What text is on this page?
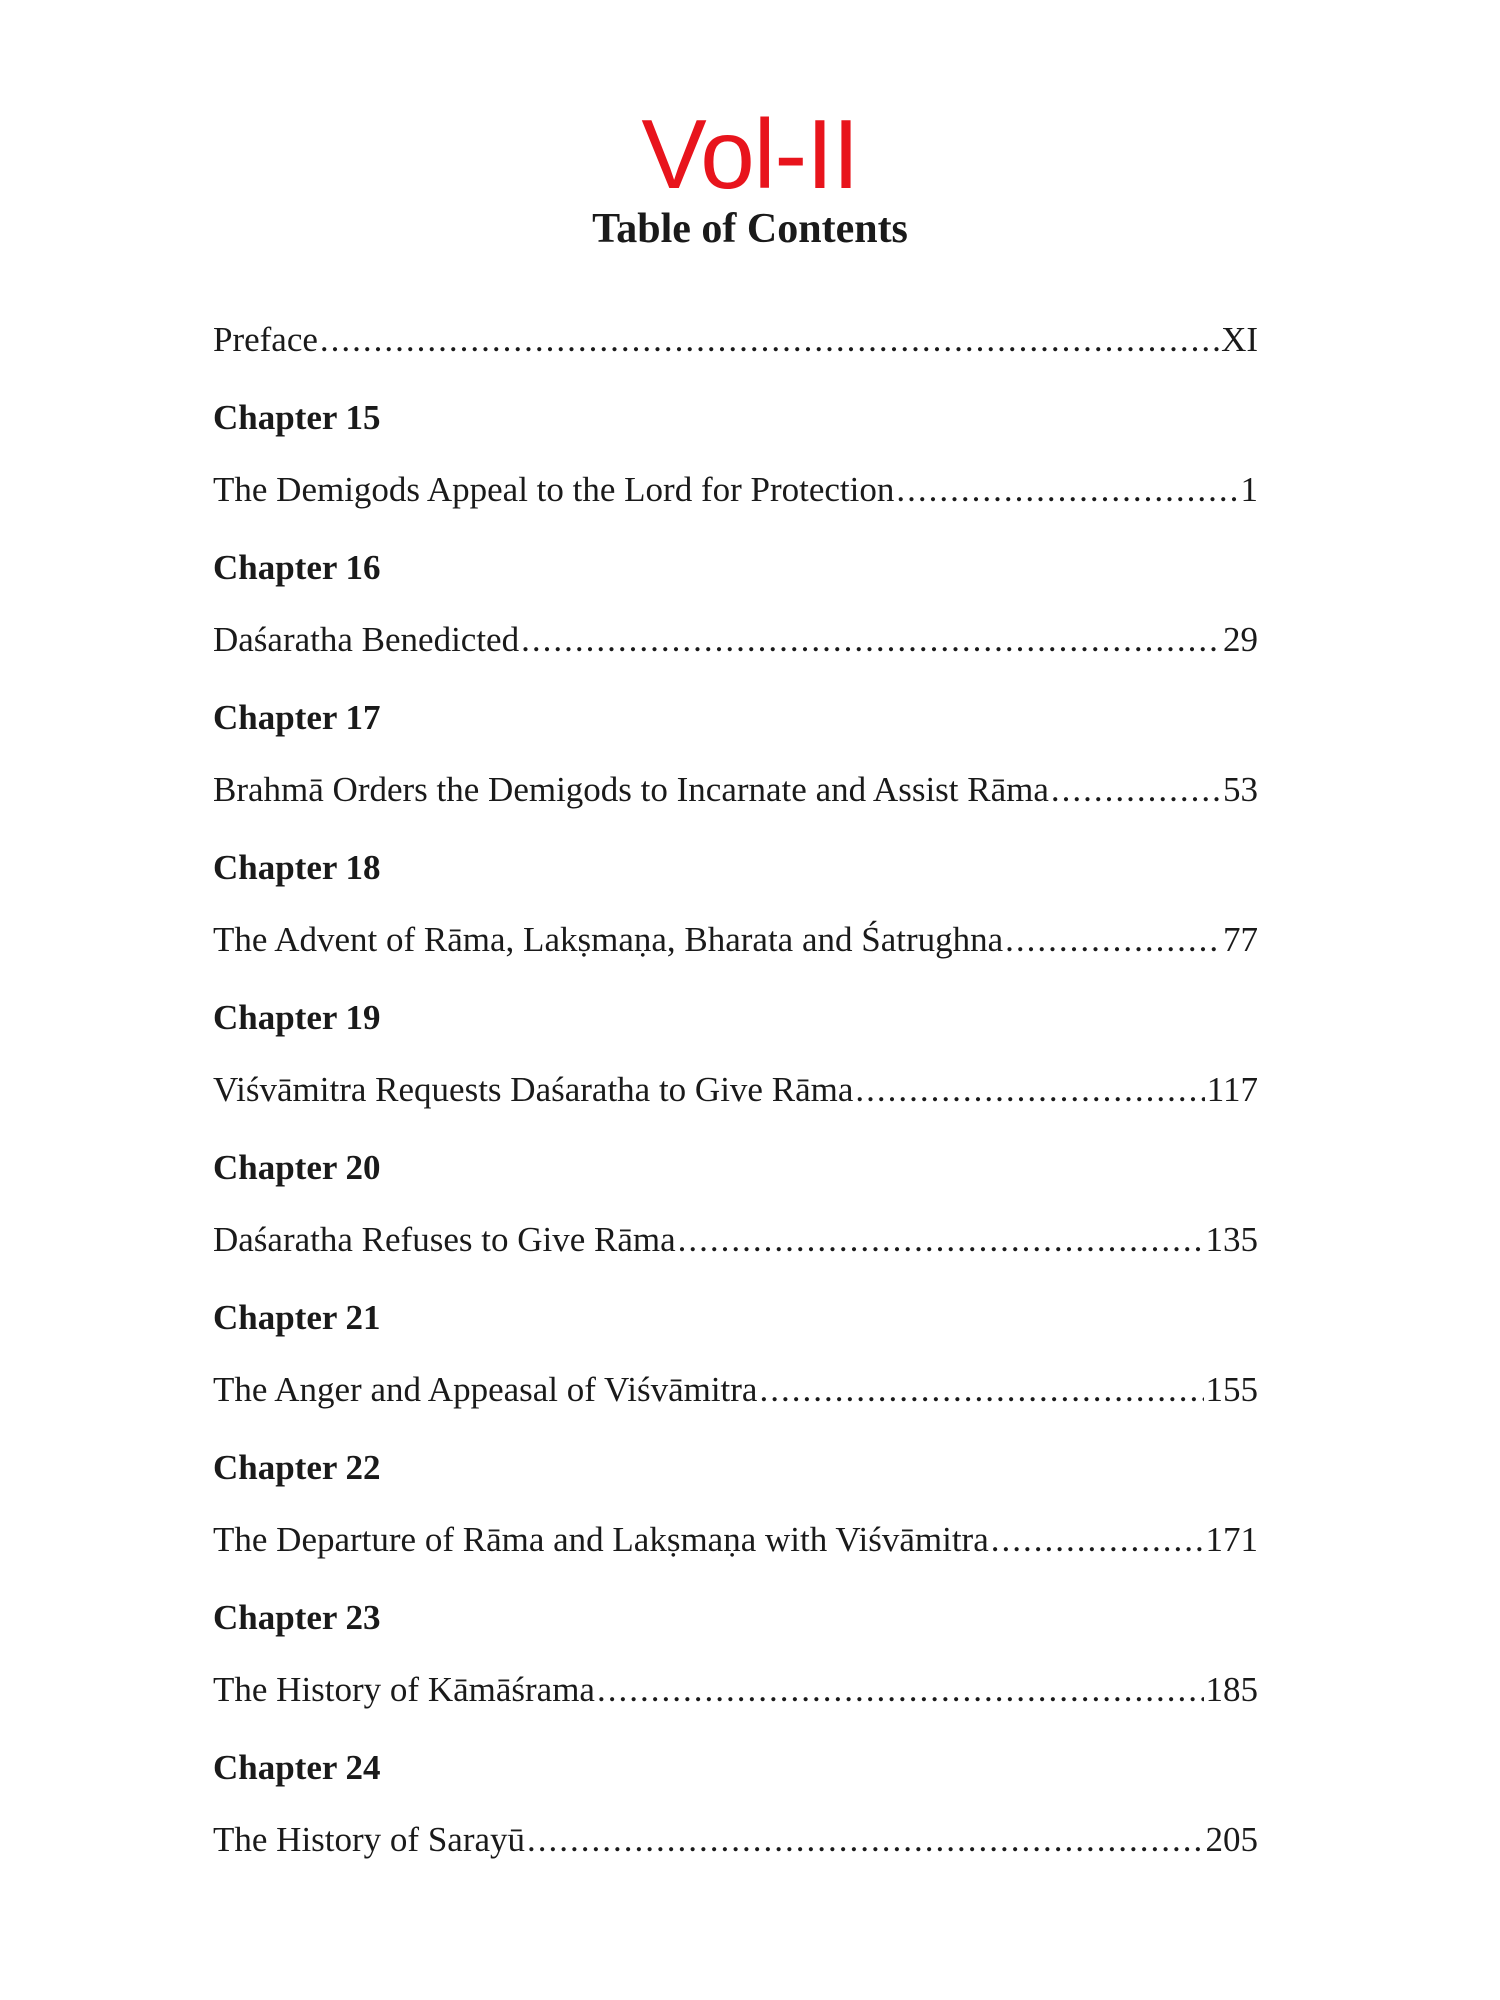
Vol-II
Table of Contents
Preface .....	XI
Chapter 15
The Demigods Appeal to the Lord for Protection .....	1
Chapter 16
Daśaratha Benedicted .....	29
Chapter 17
Brahmā Orders the Demigods to Incarnate and Assist Rāma .....	53
Chapter 18
The Advent of Rāma, Lakṣmaṇa, Bharata and Śatrughna .....	77
Chapter 19
Viśvāmitra Requests Daśaratha to Give Rāma .....	117
Chapter 20
Daśaratha Refuses to Give Rāma .....	135
Chapter 21
The Anger and Appeasal of Viśvāmitra .....	155
Chapter 22
The Departure of Rāma and Lakṣmaṇa with Viśvāmitra .....	171
Chapter 23
The History of Kāmāśrama .....	185
Chapter 24
The History of Sarayū .....	205
